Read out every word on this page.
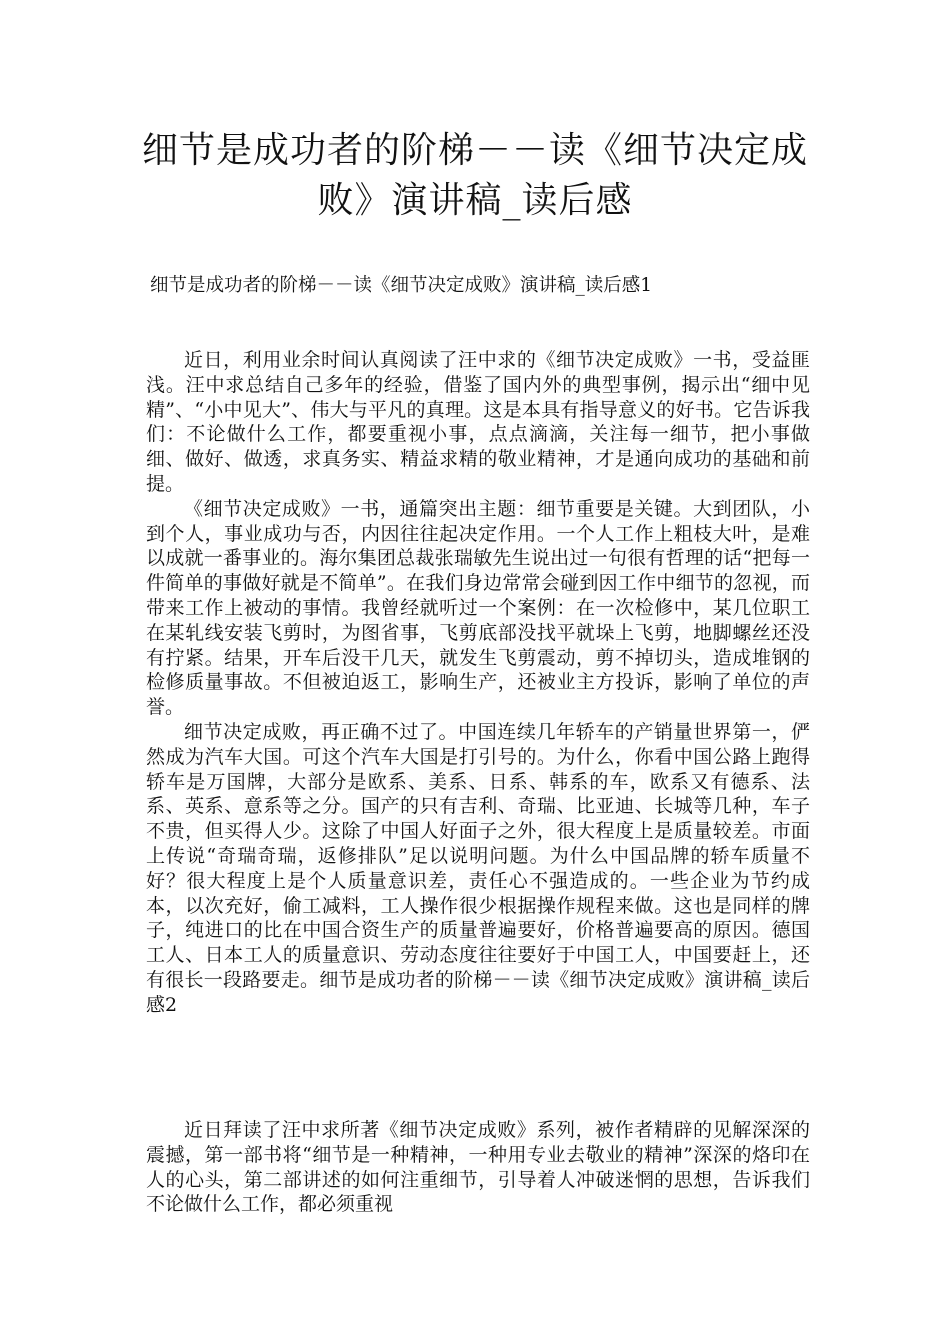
细节是成功者的阶梯－－读《细节决定成败》演讲稿_读后感
细节是成功者的阶梯－－读《细节决定成败》演讲稿_读后感1
近日，利用业余时间认真阅读了汪中求的《细节决定成败》一书，受益匪浅。汪中求总结自己多年的经验，借鉴了国内外的典型事例，揭示出“细中见精”、“小中见大”、伟大与平凡的真理。这是本具有指导意义的好书。它告诉我们：不论做什么工作，都要重视小事，点点滴滴，关注每一细节，把小事做细、做好、做透，求真务实、精益求精的敬业精神，才是通向成功的基础和前提。
《细节决定成败》一书，通篇突出主题：细节重要是关键。大到团队，小到个人，事业成功与否，内因往往起决定作用。一个人工作上粗枝大叶，是难以成就一番事业的。海尔集团总裁张瑞敏先生说出过一句很有哲理的话“把每一件简单的事做好就是不简单”。在我们身边常常会碰到因工作中细节的忽视，而带来工作上被动的事情。我曾经就听过一个案例：在一次检修中，某几位职工在某轧线安装飞剪时，为图省事，飞剪底部没找平就垛上飞剪，地脚螺丝还没有拧紧。结果，开车后没干几天，就发生飞剪震动，剪不掉切头，造成堆钢的检修质量事故。不但被迫返工，影响生产，还被业主方投诉，影响了单位的声誉。
细节决定成败，再正确不过了。中国连续几年轿车的产销量世界第一，俨然成为汽车大国。可这个汽车大国是打引号的。为什么，你看中国公路上跑得轿车是万国牌，大部分是欧系、美系、日系、韩系的车，欧系又有德系、法系、英系、意系等之分。国产的只有吉利、奇瑞、比亚迪、长城等几种，车子不贵，但买得人少。这除了中国人好面子之外，很大程度上是质量较差。市面上传说“奇瑞奇瑞，返修排队”足以说明问题。为什么中国品牌的轿车质量不好？很大程度上是个人质量意识差，责任心不强造成的。一些企业为节约成本，以次充好，偷工减料，工人操作很少根据操作规程来做。这也是同样的牌子，纯进口的比在中国合资生产的质量普遍要好，价格普遍要高的原因。德国工人、日本工人的质量意识、劳动态度往往要好于中国工人，中国要赶上，还有很长一段路要走。细节是成功者的阶梯－－读《细节决定成败》演讲稿_读后感2
近日拜读了汪中求所著《细节决定成败》系列，被作者精辟的见解深深的震撼，第一部书将“细节是一种精神，一种用专业去敬业的精神”深深的烙印在人的心头，第二部讲述的如何注重细节，引导着人冲破迷惘的思想，告诉我们不论做什么工作，都必须重视
